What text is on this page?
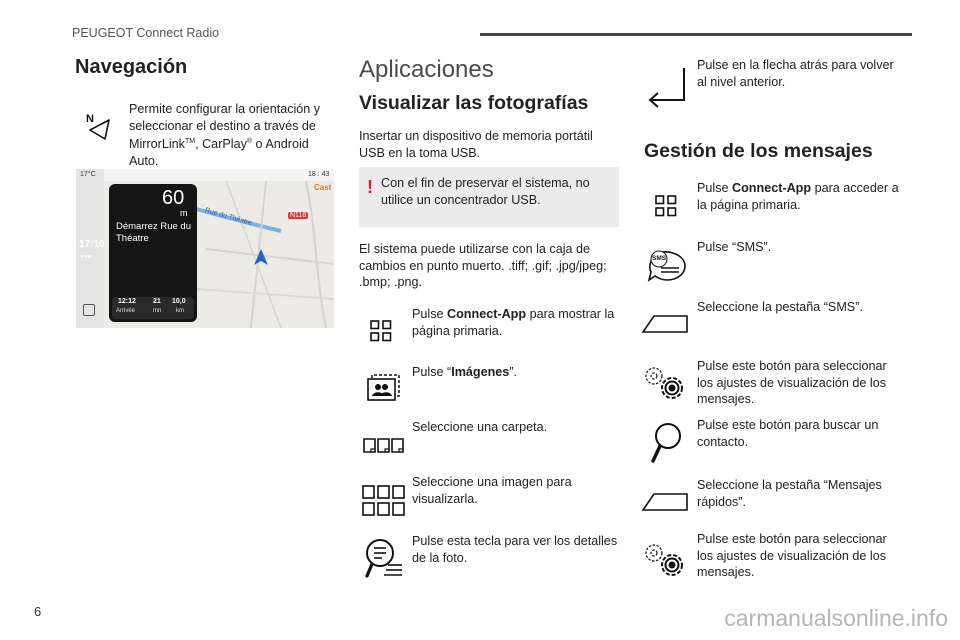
PEUGEOT Connect Radio
Navegación
N
Permite configurar la orientación y seleccionar el destino a través de MirrorLink™, CarPlay® o Android Auto.
17°C	18 : 43
Cast
N118
Rue du Théatre
17:10
●●●○
60
m
Démarrez Rue du Théatre
12:12
Arrivée
21
mn
10,0
km
Aplicaciones
Visualizar las fotografías
Insertar un dispositivo de memoria portátil USB en la toma USB.
! Con el fin de preservar el sistema, no utilice un concentrador USB.
El sistema puede utilizarse con la caja de cambios en punto muerto. .tiff; .gif; .jpg/jpeg; .bmp; .png.
Pulse Connect-App para mostrar la página primaria.
Pulse “Imágenes”.
Seleccione una carpeta.
Seleccione una imagen para visualizarla.
Pulse esta tecla para ver los detalles de la foto.
Pulse en la flecha atrás para volver al nivel anterior.
Gestión de los mensajes
Pulse Connect-App para acceder a la página primaria.
SMS
Pulse “SMS”.
Seleccione la pestaña “SMS”.
Pulse este botón para seleccionar los ajustes de visualización de los mensajes.
Pulse este botón para buscar un contacto.
Seleccione la pestaña “Mensajes rápidos”.
Pulse este botón para seleccionar los ajustes de visualización de los mensajes.
6	carmanualsonline.info
